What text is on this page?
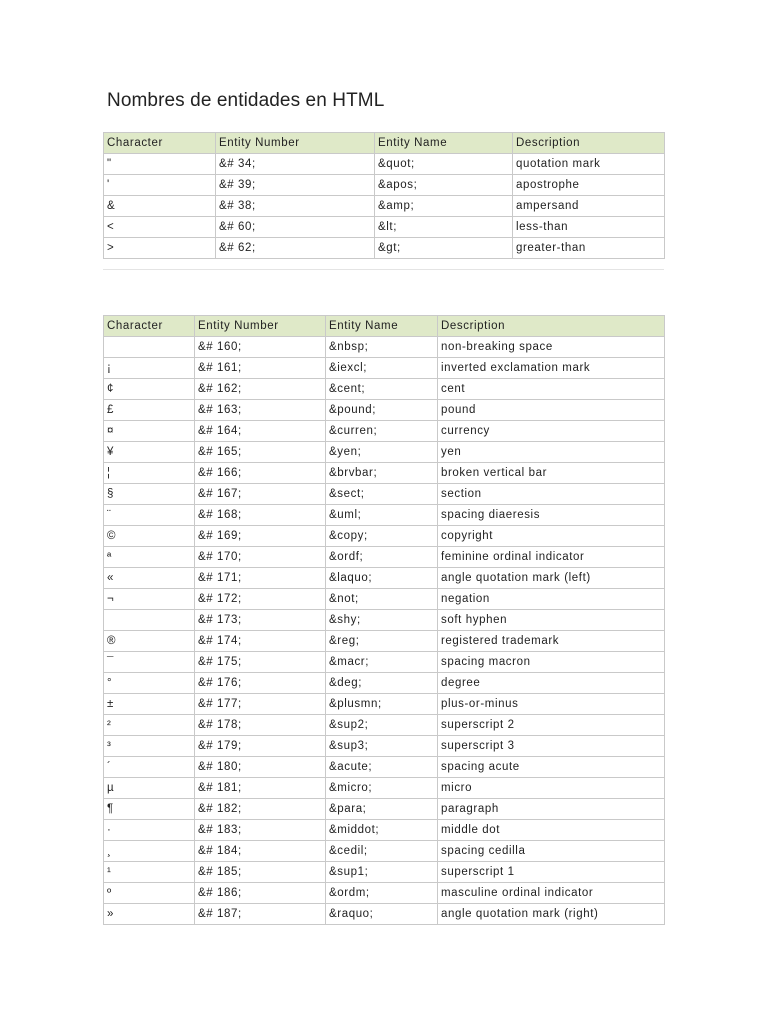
Nombres de entidades en HTML
Character	Entity Number	Entity Name	Description
"	&# 34;	&quot;	quotation mark
'	&# 39;	&apos;	apostrophe
&	&# 38;	&amp;	ampersand
<	&# 60;	&lt;	less-than
>	&# 62;	&gt;	greater-than
Character	Entity Number	Entity Name	Description
	&# 160;	&nbsp;	non-breaking space
¡	&# 161;	&iexcl;	inverted exclamation mark
¢	&# 162;	&cent;	cent
£	&# 163;	&pound;	pound
¤	&# 164;	&curren;	currency
¥	&# 165;	&yen;	yen
¦	&# 166;	&brvbar;	broken vertical bar
§	&# 167;	&sect;	section
¨	&# 168;	&uml;	spacing diaeresis
©	&# 169;	&copy;	copyright
ª	&# 170;	&ordf;	feminine ordinal indicator
«	&# 171;	&laquo;	angle quotation mark (left)
¬	&# 172;	&not;	negation
	&# 173;	&shy;	soft hyphen
®	&# 174;	&reg;	registered trademark
¯	&# 175;	&macr;	spacing macron
°	&# 176;	&deg;	degree
±	&# 177;	&plusmn;	plus-or-minus
²	&# 178;	&sup2;	superscript 2
³	&# 179;	&sup3;	superscript 3
´	&# 180;	&acute;	spacing acute
µ	&# 181;	&micro;	micro
¶	&# 182;	&para;	paragraph
·	&# 183;	&middot;	middle dot
¸	&# 184;	&cedil;	spacing cedilla
¹	&# 185;	&sup1;	superscript 1
º	&# 186;	&ordm;	masculine ordinal indicator
»	&# 187;	&raquo;	angle quotation mark (right)
